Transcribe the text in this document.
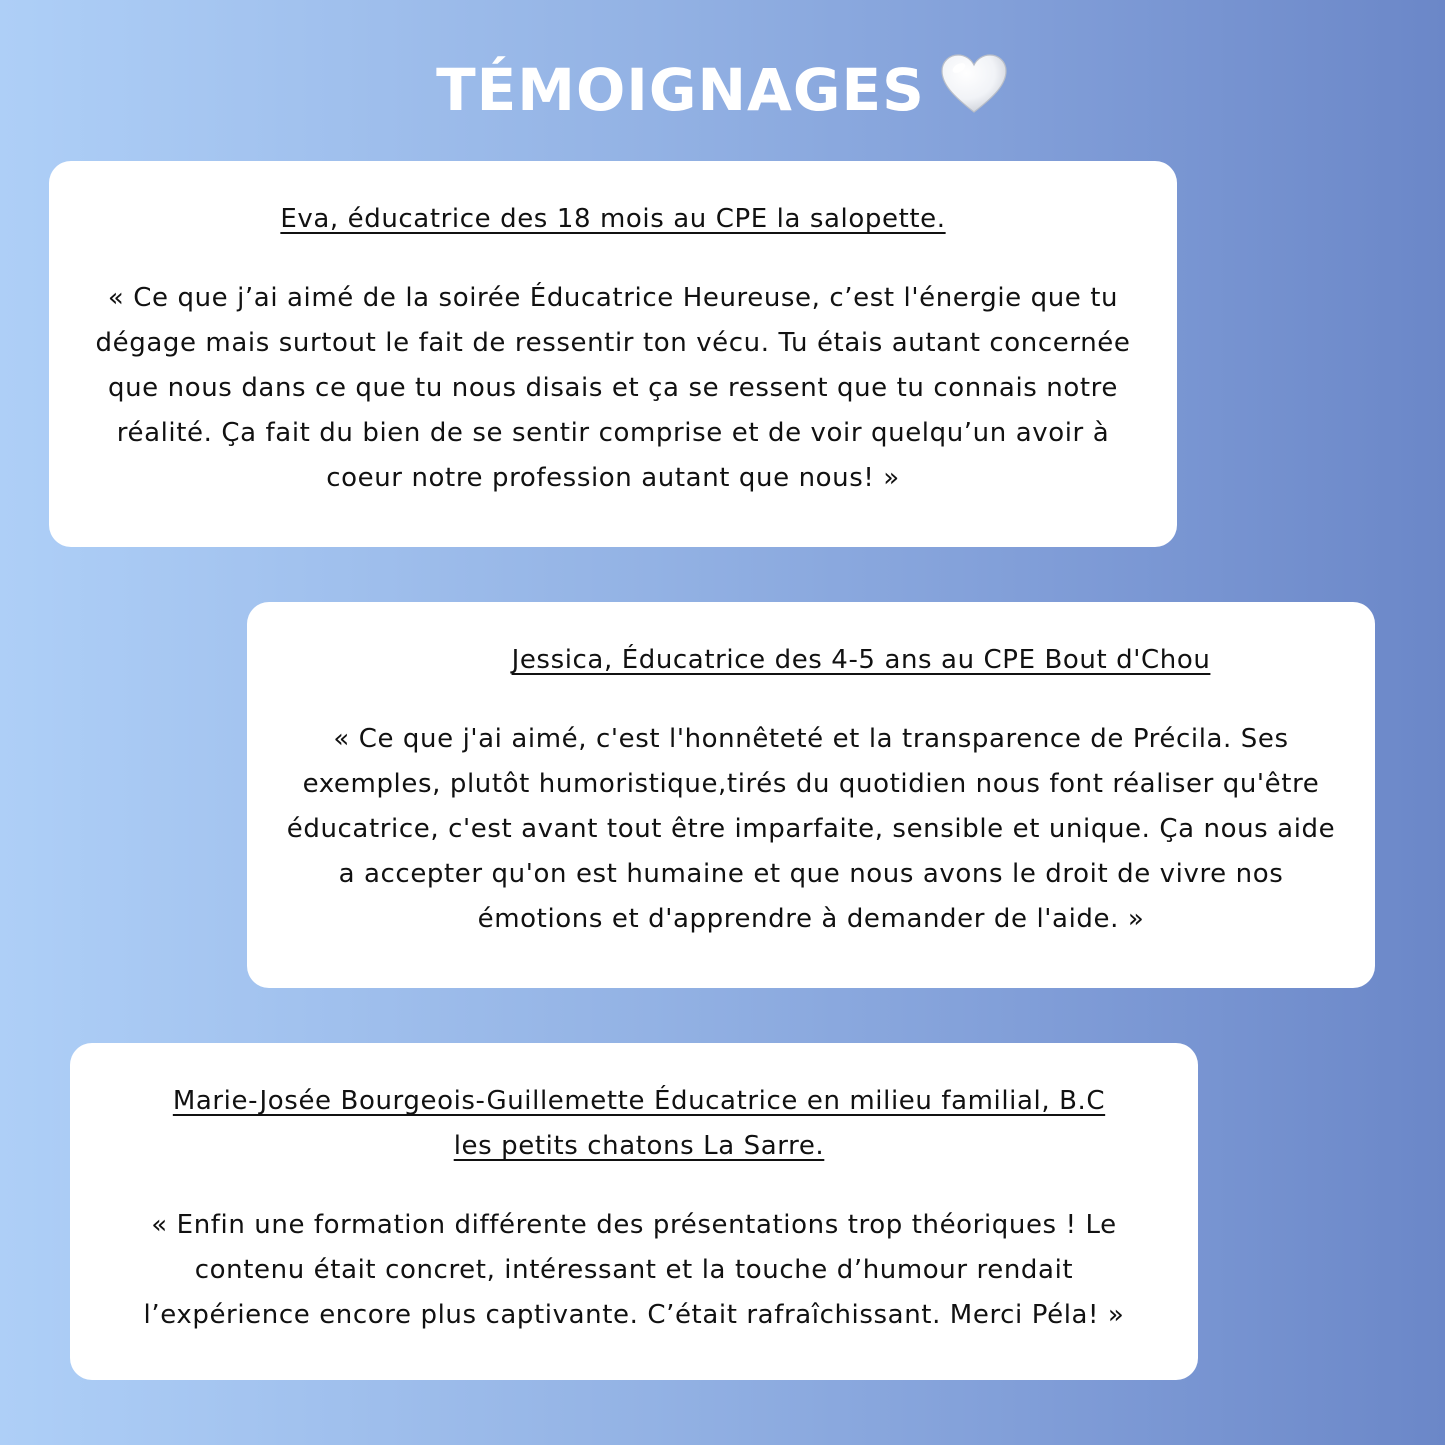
TÉMOIGNAGES

Eva, éducatrice des 18 mois au CPE la salopette.

« Ce que j’ai aimé de la soirée Éducatrice Heureuse, c’est l'énergie que tu dégage mais surtout le fait de ressentir ton vécu. Tu étais autant concernée que nous dans ce que tu nous disais et ça se ressent que tu connais notre réalité. Ça fait du bien de se sentir comprise et de voir quelqu’un avoir à coeur notre profession autant que nous! »

Jessica, Éducatrice des 4-5 ans au CPE Bout d'Chou

« Ce que j'ai aimé, c'est l'honnêteté et la transparence de Précila. Ses exemples, plutôt humoristique,tirés du quotidien nous font réaliser qu'être éducatrice, c'est avant tout être imparfaite, sensible et unique. Ça nous aide a accepter qu'on est humaine et que nous avons le droit de vivre nos émotions et d'apprendre à demander de l'aide. »

Marie-Josée Bourgeois-Guillemette Éducatrice en milieu familial, B.C les petits chatons La Sarre.

« Enfin une formation différente des présentations trop théoriques ! Le contenu était concret, intéressant et la touche d’humour rendait l’expérience encore plus captivante. C’était rafraîchissant. Merci Péla! »
